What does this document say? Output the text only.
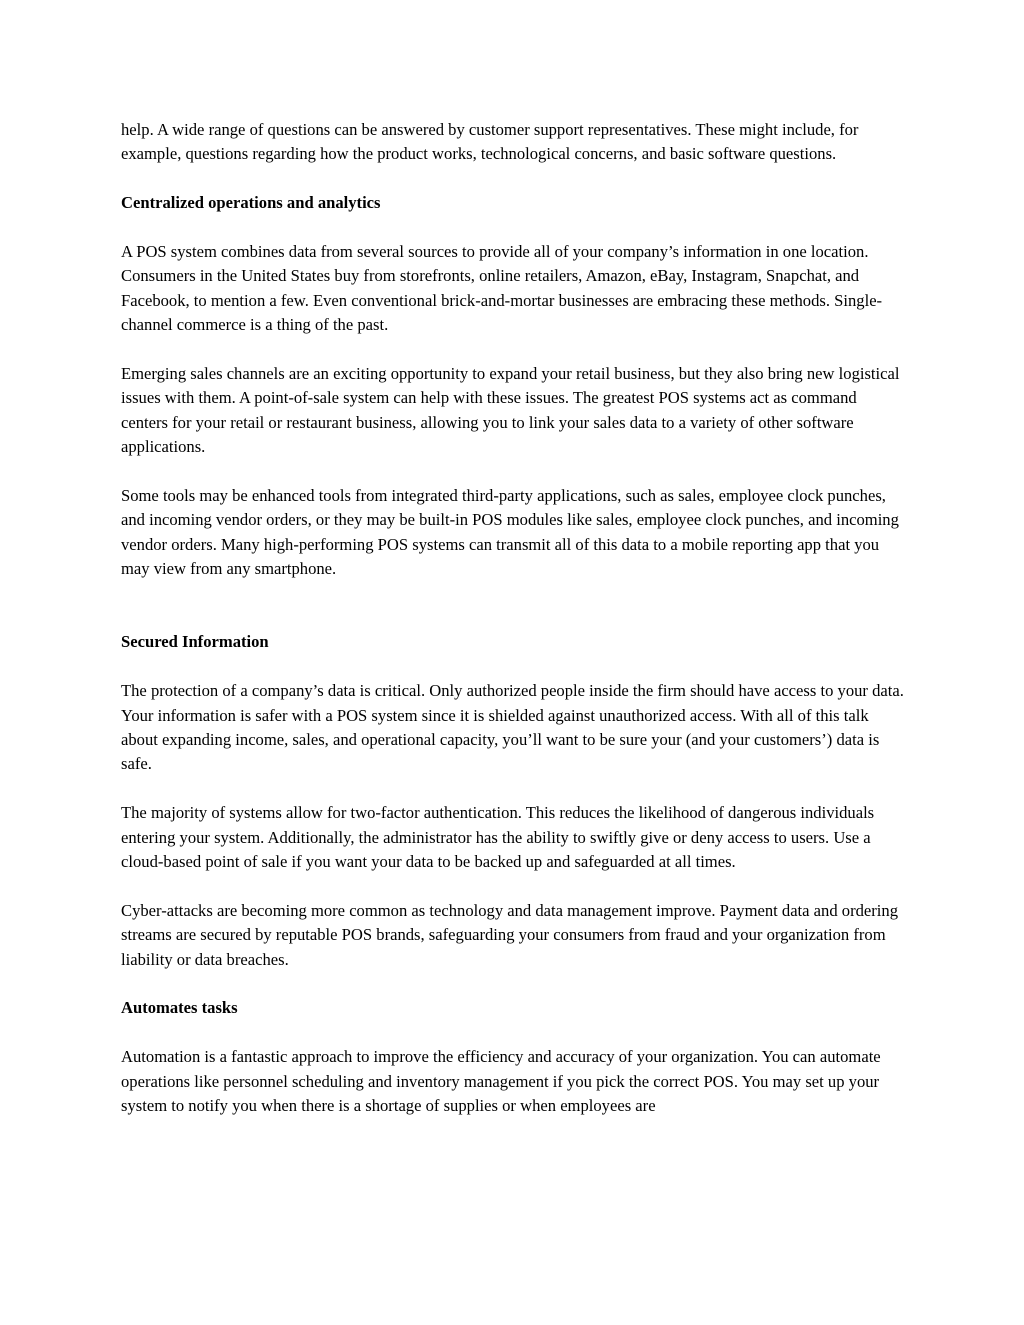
help. A wide range of questions can be answered by customer support representatives. These might include, for example, questions regarding how the product works, technological concerns, and basic software questions.

Centralized operations and analytics

A POS system combines data from several sources to provide all of your company’s information in one location. Consumers in the United States buy from storefronts, online retailers, Amazon, eBay, Instagram, Snapchat, and Facebook, to mention a few. Even conventional brick-and-mortar businesses are embracing these methods. Single-channel commerce is a thing of the past.

Emerging sales channels are an exciting opportunity to expand your retail business, but they also bring new logistical issues with them. A point-of-sale system can help with these issues. The greatest POS systems act as command centers for your retail or restaurant business, allowing you to link your sales data to a variety of other software applications.

Some tools may be enhanced tools from integrated third-party applications, such as sales, employee clock punches, and incoming vendor orders, or they may be built-in POS modules like sales, employee clock punches, and incoming vendor orders. Many high-performing POS systems can transmit all of this data to a mobile reporting app that you may view from any smartphone.

Secured Information

The protection of a company’s data is critical. Only authorized people inside the firm should have access to your data. Your information is safer with a POS system since it is shielded against unauthorized access. With all of this talk about expanding income, sales, and operational capacity, you’ll want to be sure your (and your customers’) data is safe.

The majority of systems allow for two-factor authentication. This reduces the likelihood of dangerous individuals entering your system. Additionally, the administrator has the ability to swiftly give or deny access to users. Use a cloud-based point of sale if you want your data to be backed up and safeguarded at all times.

Cyber-attacks are becoming more common as technology and data management improve. Payment data and ordering streams are secured by reputable POS brands, safeguarding your consumers from fraud and your organization from liability or data breaches.

Automates tasks

Automation is a fantastic approach to improve the efficiency and accuracy of your organization. You can automate operations like personnel scheduling and inventory management if you pick the correct POS. You may set up your system to notify you when there is a shortage of supplies or when employees are
